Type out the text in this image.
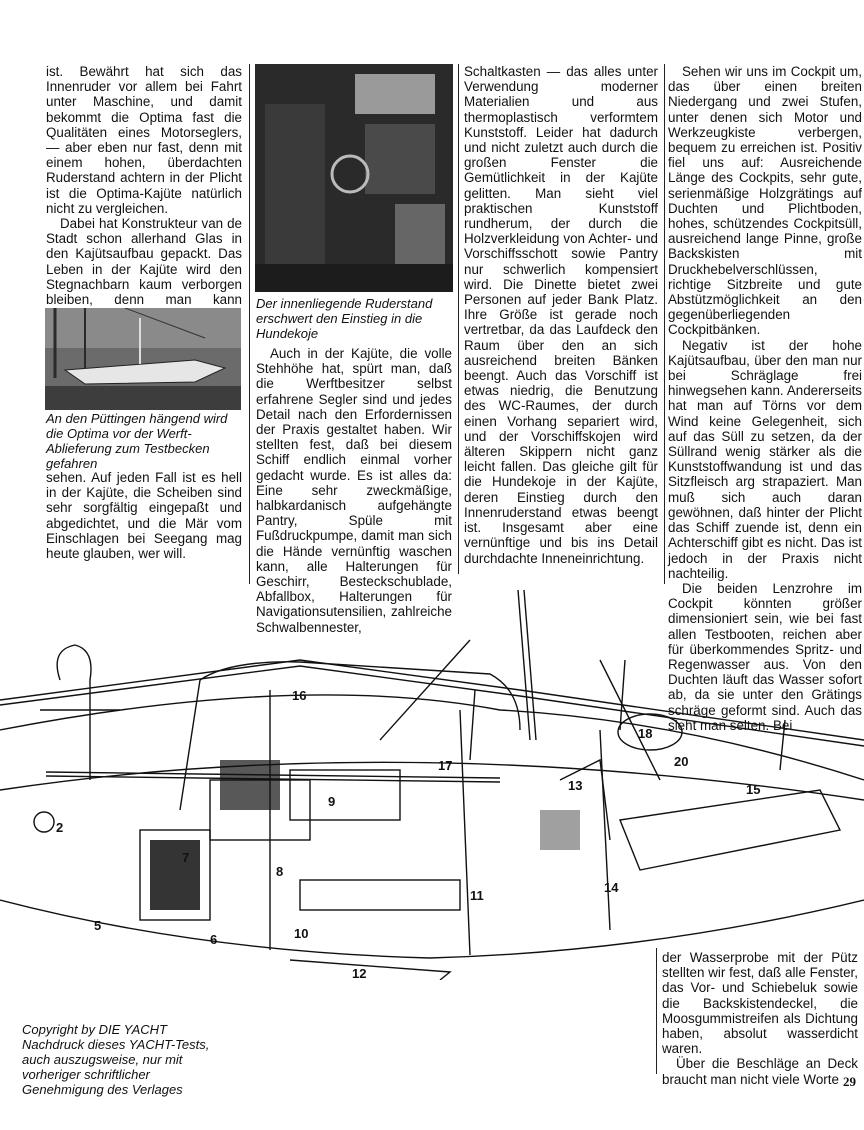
ist. Bewährt hat sich das Innenruder vor allem bei Fahrt unter Maschine, und damit bekommt die Optima fast die Qualitäten eines Motorseglers, — aber eben nur fast, denn mit einem hohen, überdachten Ruderstand achtern in der Plicht ist die Optima-Kajüte natürlich nicht zu vergleichen.

Dabei hat Konstrukteur van de Stadt schon allerhand Glas in den Kajütsaufbau gepackt. Das Leben in der Kajüte wird den Stegnachbarn kaum verborgen bleiben, denn man kann

An den Püttingen hängend wird die Optima vor der Werft-Ablieferung zum Testbecken gefahren

sehen. Auf jeden Fall ist es hell in der Kajüte, die Scheiben sind sehr sorgfältig eingepaßt und abgedichtet, und die Mär vom Einschlagen bei Seegang mag heute glauben, wer will.

Der innenliegende Ruderstand erschwert den Einstieg in die Hundekoje

Auch in der Kajüte, die volle Stehhöhe hat, spürt man, daß die Werftbesitzer selbst erfahrene Segler sind und jedes Detail nach den Erfordernissen der Praxis gestaltet haben. Wir stellten fest, daß bei diesem Schiff endlich einmal vorher gedacht wurde. Es ist alles da: Eine sehr zweckmäßige, halbkardanisch aufgehängte Pantry, Spüle mit Fußdruckpumpe, damit man sich die Hände vernünftig waschen kann, alle Halterungen für Geschirr, Besteckschublade, Abfallbox, Halterungen für Navigationsutensilien, zahlreiche Schwalbennester,

Schaltkasten — das alles unter Verwendung moderner Materialien und aus thermoplastisch verformtem Kunststoff. Leider hat dadurch und nicht zuletzt auch durch die großen Fenster die Gemütlichkeit in der Kajüte gelitten. Man sieht viel praktischen Kunststoff rundherum, der durch die Holzverkleidung von Achter- und Vorschiffsschott sowie Pantry nur schwerlich kompensiert wird. Die Dinette bietet zwei Personen auf jeder Bank Platz. Ihre Größe ist gerade noch vertretbar, da das Laufdeck den Raum über den an sich ausreichend breiten Bänken beengt. Auch das Vorschiff ist etwas niedrig, die Benutzung des WC-Raumes, der durch einen Vorhang separiert wird, und der Vorschiffskojen wird älteren Skippern nicht ganz leicht fallen. Das gleiche gilt für die Hundekoje in der Kajüte, deren Einstieg durch den Innenruderstand etwas beengt ist. Insgesamt aber eine vernünftige und bis ins Detail durchdachte Inneneinrichtung.

Sehen wir uns im Cockpit um, das über einen breiten Niedergang und zwei Stufen, unter denen sich Motor und Werkzeugkiste verbergen, bequem zu erreichen ist. Positiv fiel uns auf: Ausreichende Länge des Cockpits, sehr gute, serienmäßige Holzgrätings auf Duchten und Plichtboden, hohes, schützendes Cockpitsüll, ausreichend lange Pinne, große Backskisten mit Druckhebelverschlüssen, richtige Sitzbreite und gute Abstützmöglichkeit an den gegenüberliegenden Cockpitbänken.

Negativ ist der hohe Kajütsaufbau, über den man nur bei Schräglage frei hinwegsehen kann. Andererseits hat man auf Törns vor dem Wind keine Gelegenheit, sich auf das Süll zu setzen, da der Süllrand wenig stärker als die Kunststoffwandung ist und das Sitzfleisch arg strapaziert. Man muß sich auch daran gewöhnen, daß hinter der Plicht das Schiff zuende ist, denn ein Achterschiff gibt es nicht. Das ist jedoch in der Praxis nicht nachteilig.

Die beiden Lenzrohre im Cockpit könnten größer dimensioniert sein, wie bei fast allen Testbooten, reichen aber für überkommendes Spritz- und Regenwasser aus. Von den Duchten läuft das Wasser sofort ab, da sie unter den Grätings schräge geformt sind. Auch das sieht man selten. Bei

17
16
18
20
15
13
9
2
7
8
14
11
5
10
6
12
Copyright by DIE YACHT
Nachdruck dieses YACHT-Tests,
auch auszugsweise, nur mit
vorheriger schriftlicher
Genehmigung des Verlages

der Wasserprobe mit der Pütz stellten wir fest, daß alle Fenster, das Vor- und Schiebeluk sowie die Backskistendeckel, die Moosgummistreifen als Dichtung haben, absolut wasserdicht waren.

Über die Beschläge an Deck braucht man nicht viele Worte 29
